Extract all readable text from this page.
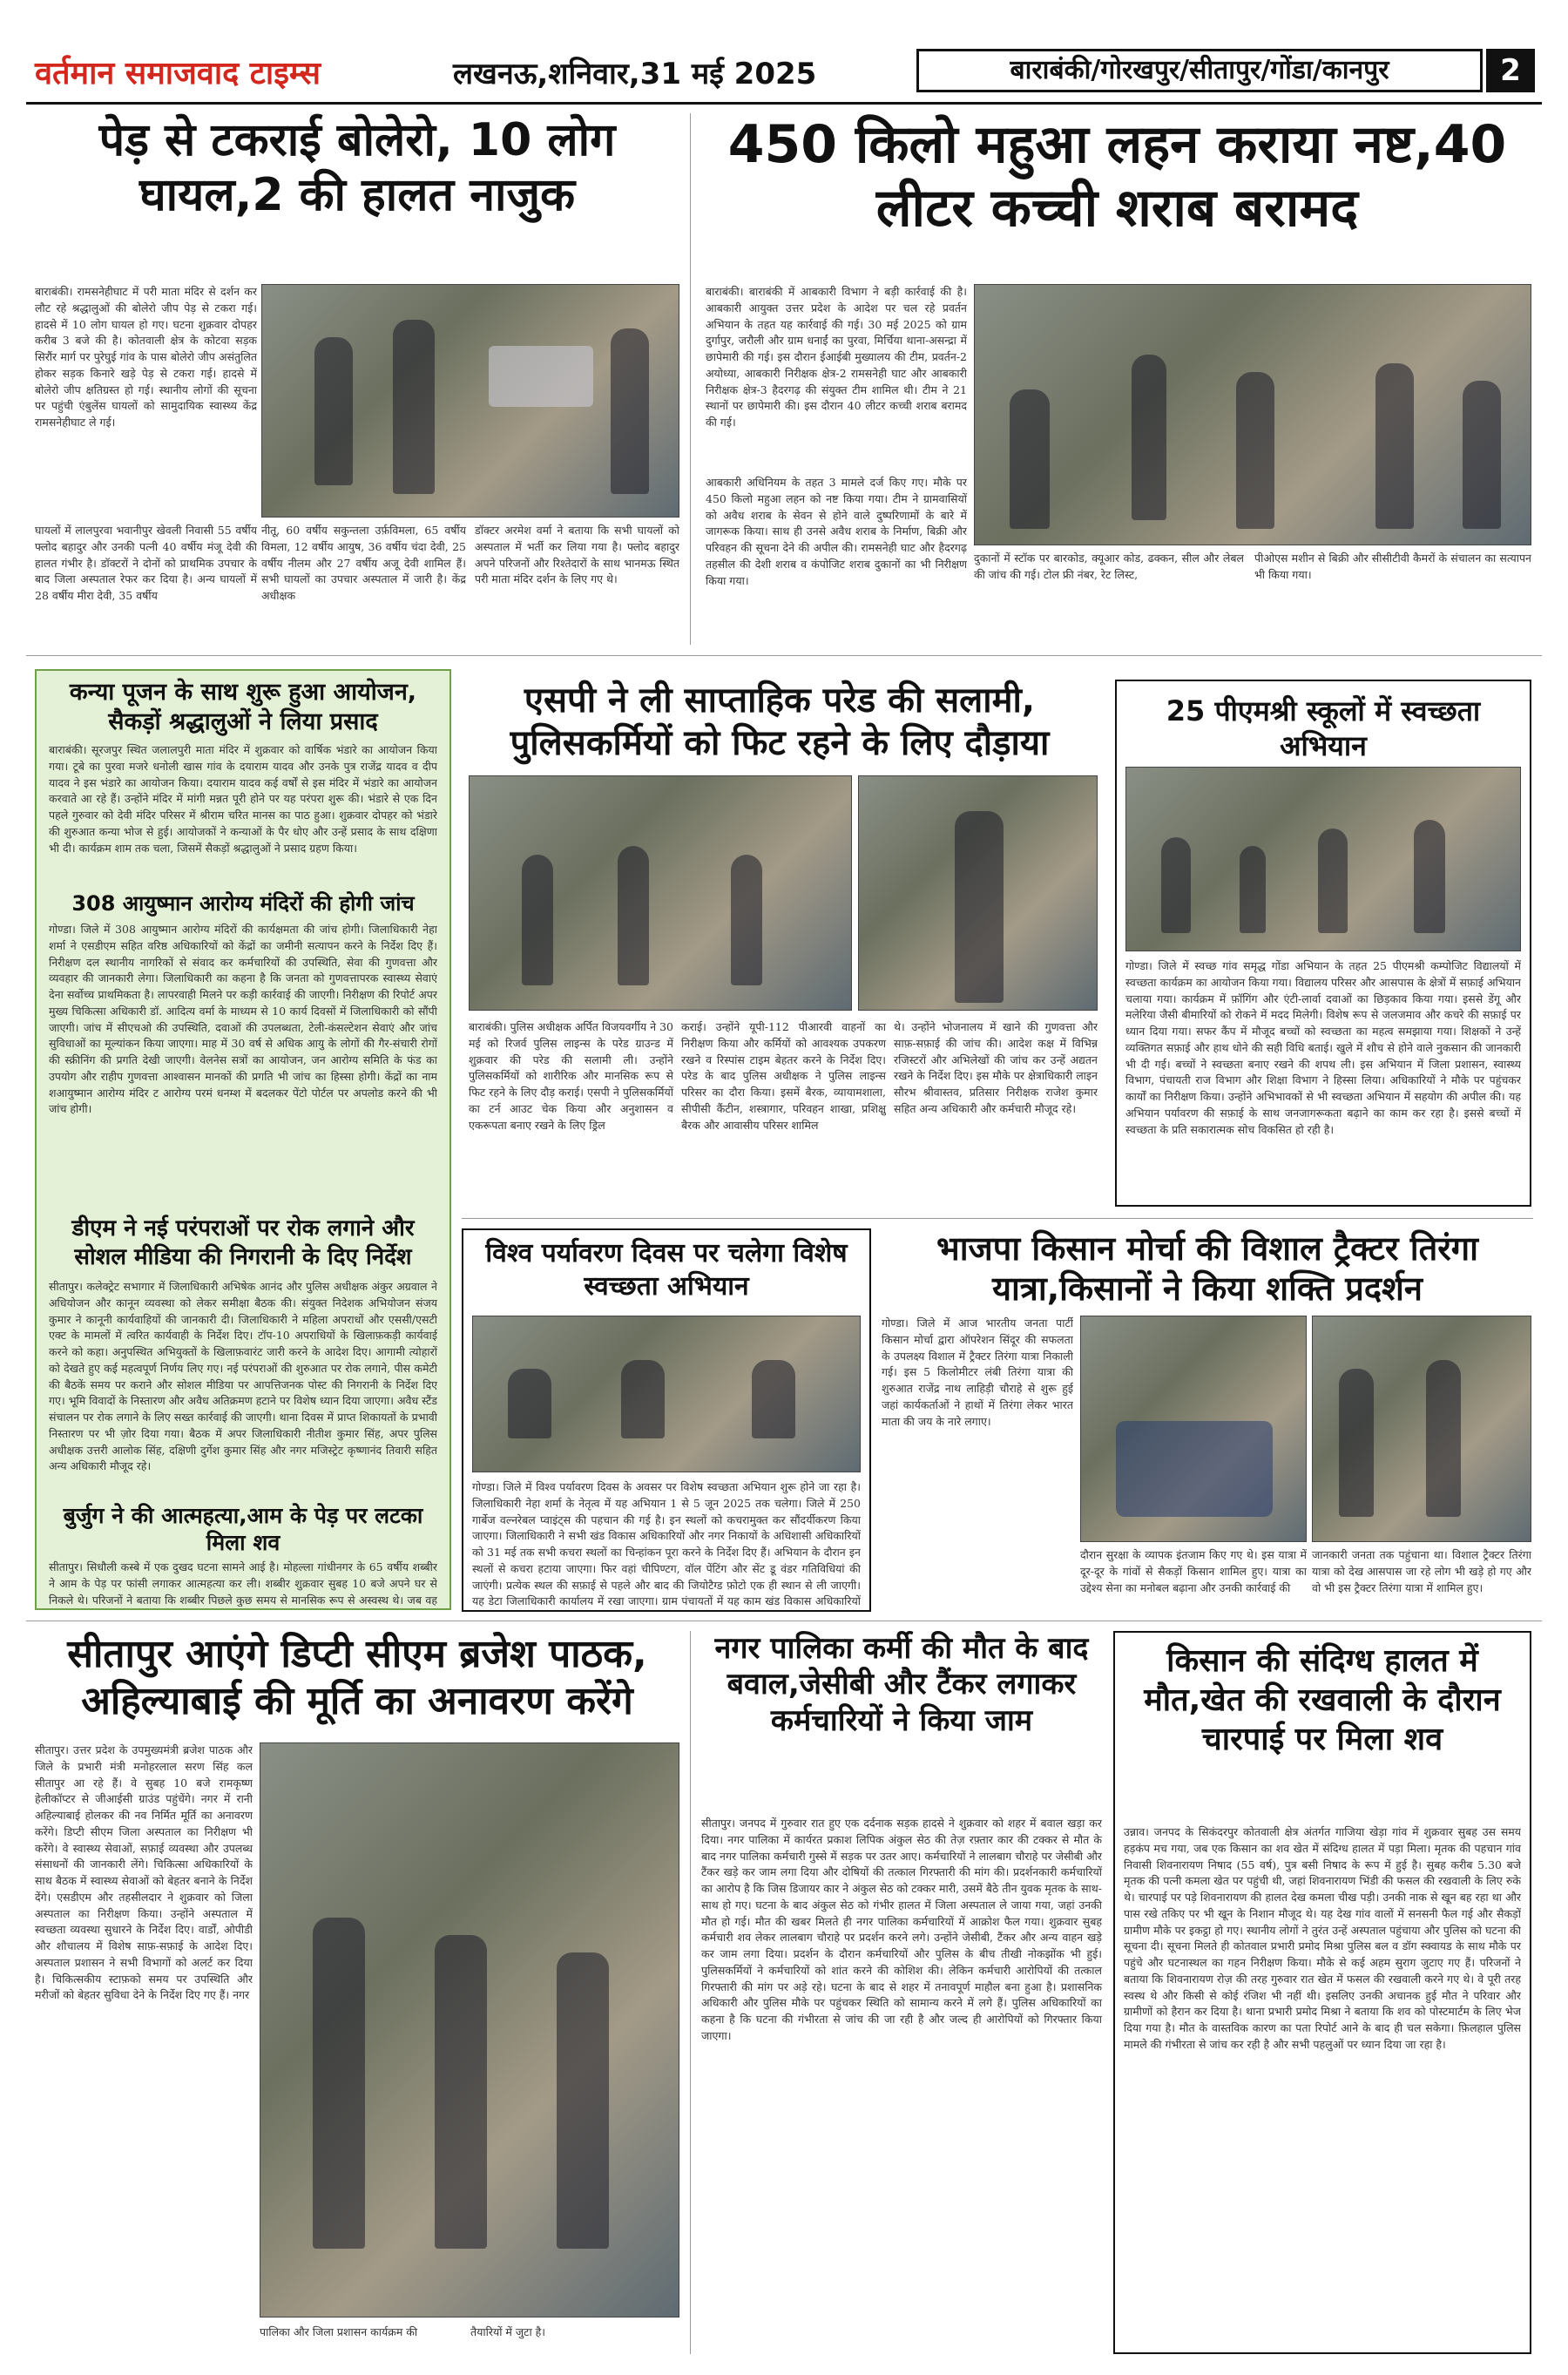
वर्तमान समाजवाद टाइम्स	लखनऊ,शनिवार,31 मई 2025	बाराबंकी/गोरखपुर/सीतापुर/गोंडा/कानपुर	2
पेड़ से टकराई बोलेरो, 10 लोग घायल,2 की हालत नाजुक
बाराबंकी। रामसनेहीघाट में परी माता मंदिर से दर्शन कर लौट रहे श्रद्धालुओं की बोलेरो जीप पेड़ से टकरा गई। हादसे में 10 लोग घायल हो गए। घटना शुक्रवार दोपहर करीब 3 बजे की है। कोतवाली क्षेत्र के कोटवा सड़क सिरौंर मार्ग पर पुरेघुई गांव के पास बोलेरो जीप असंतुलित होकर सड़क किनारे खड़े पेड़ से टकरा गई। हादसे में बोलेरो जीप क्षतिग्रस्त हो गई। स्थानीय लोगों की सूचना पर पहुंची एंबुलेंस घायलों को सामुदायिक स्वास्थ्य केंद्र रामसनेहीघाट ले गई।
घायलों में लालपुरवा भवानीपुर खेवली निवासी 55 वर्षीय फ्लोद बहादुर और उनकी पत्नी 40 वर्षीय मंजू देवी की हालत गंभीर है। डॉक्टरों ने दोनों को प्राथमिक उपचार के बाद जिला अस्पताल रेफर कर दिया है। अन्य घायलों में 28 वर्षीय मीरा देवी, 35 वर्षीय
नीतू, 60 वर्षीय सकुन्तला उर्फ़विमला, 65 वर्षीय विमला, 12 वर्षीय आयुष, 36 वर्षीय चंदा देवी, 25 वर्षीय नीलम और 27 वर्षीय अजू देवी शामिल हैं। सभी घायलों का उपचार अस्पताल में जारी है। केंद्र अधीक्षक
डॉक्टर अरमेश वर्मा ने बताया कि सभी घायलों को अस्पताल में भर्ती कर लिया गया है। फ्लोद बहादुर अपने परिजनों और रिश्तेदारों के साथ भानमऊ स्थित परी माता मंदिर दर्शन के लिए गए थे।
450 किलो महुआ लहन कराया नष्ट,40 लीटर कच्ची शराब बरामद
बाराबंकी। बाराबंकी में आबकारी विभाग ने बड़ी कार्रवाई की है। आबकारी आयुक्त उत्तर प्रदेश के आदेश पर चल रहे प्रवर्तन अभियान के तहत यह कार्रवाई की गई। 30 मई 2025 को ग्राम दुर्गापुर, जरौली और ग्राम धनाईं का पुरवा, मिर्चिया थाना-असन्द्रा में छापेमारी की गई। इस दौरान ईआईबी मुख्यालय की टीम, प्रवर्तन-2 अयोध्या, आबकारी निरीक्षक क्षेत्र-2 रामसनेही घाट और आबकारी निरीक्षक क्षेत्र-3 हैदरगढ़ की संयुक्त टीम शामिल थी। टीम ने 21 स्थानों पर छापेमारी की। इस दौरान 40 लीटर कच्ची शराब बरामद की गई।
दुकानों में स्टॉक पर बारकोड, क्यूआर कोड, ढक्कन, सील और लेबल की जांच की गई। टोल फ्री नंबर, रेट लिस्ट,
पीओएस मशीन से बिक्री और सीसीटीवी कैमरों के संचालन का सत्यापन भी किया गया।
कन्या पूजन के साथ शुरू हुआ आयोजन, सैकड़ों श्रद्धालुओं ने लिया प्रसाद
बाराबंकी। सूरजपुर स्थित जलालपुरी माता मंदिर में शुक्रवार को वार्षिक भंडारे का आयोजन किया गया। टूबे का पुरवा मजरे धनोली खास गांव के दयाराम यादव और उनके पुत्र राजेंद्र यादव व दीप यादव ने इस भंडारे का आयोजन किया। दयाराम यादव कई वर्षों से इस मंदिर में भंडारे का आयोजन करवाते आ रहे हैं। उन्होंने मंदिर में मांगी मन्नत पूरी होने पर यह परंपरा शुरू की। भंडारे से एक दिन पहले गुरुवार को देवी मंदिर परिसर में श्रीराम चरित मानस का पाठ हुआ। शुक्रवार दोपहर को भंडारे की शुरुआत कन्या भोज से हुई। आयोजकों ने कन्याओं के पैर धोए और उन्हें प्रसाद के साथ दक्षिणा भी दी। कार्यक्रम शाम तक चला, जिसमें सैकड़ों श्रद्धालुओं ने प्रसाद ग्रहण किया।
308 आयुष्मान आरोग्य मंदिरों की होगी जांच
गोण्डा। जिले में 308 आयुष्मान आरोग्य मंदिरों की कार्यक्षमता की जांच होगी। जिलाधिकारी नेहा शर्मा ने एसडीएम सहित वरिष्ठ अधिकारियों को केंद्रों का जमीनी सत्यापन करने के निर्देश दिए हैं। निरीक्षण दल स्थानीय नागरिकों से संवाद कर कर्मचारियों की उपस्थिति, सेवा की गुणवत्ता और व्यवहार की जानकारी लेगा। जिलाधिकारी का कहना है कि जनता को गुणवत्तापरक स्वास्थ्य सेवाएं देना सर्वोच्च प्राथमिकता है। लापरवाही मिलने पर कड़ी कार्रवाई की जाएगी। निरीक्षण की रिपोर्ट अपर मुख्य चिकित्सा अधिकारी डॉ. आदित्य वर्मा के माध्यम से 10 कार्य दिवसों में जिलाधिकारी को सौंपी जाएगी। जांच में सीएचओ की उपस्थिति, दवाओं की उपलब्धता, टेली-कंसल्टेशन सेवाएं और जांच सुविधाओं का मूल्यांकन किया जाएगा। माह में 30 वर्ष से अधिक आयु के लोगों की गैर-संचारी रोगों की स्क्रीनिंग की प्रगति देखी जाएगी। वेलनेस सत्रों का आयोजन, जन आरोग्य समिति के फंड का उपयोग और राहीप गुणवत्ता आश्वासन मानकों की प्रगति भी जांच का हिस्सा होगी। केंद्रों का नाम शआयुष्मान आरोग्य मंदिर ट आरोग्य परमं धनम्श में बदलकर पेंटो पोर्टल पर अपलोड करने की भी जांच होगी।
डीएम ने नई परंपराओं पर रोक लगाने और सोशल मीडिया की निगरानी के दिए निर्देश
सीतापुर। कलेक्ट्रेट सभागार में जिलाधिकारी अभिषेक आनंद और पुलिस अधीक्षक अंकुर अग्रवाल ने अधियोजन और कानून व्यवस्था को लेकर समीक्षा बैठक की। संयुक्त निदेशक अभियोजन संजय कुमार ने कानूनी कार्यवाहियों की जानकारी दी। जिलाधिकारी ने महिला अपराधों और एससी/एसटी एक्ट के मामलों में त्वरित कार्यवाही के निर्देश दिए। टॉप-10 अपराधियों के खिलाफ़कड़ी कार्यवाई करने को कहा। अनुपस्थित अभियुक्तों के खिलाफ़वारंट जारी करने के आदेश दिए। आगामी त्योहारों को देखते हुए कई महत्वपूर्ण निर्णय लिए गए। नई परंपराओं की शुरुआत पर रोक लगाने, पीस कमेटी की बैठकें समय पर कराने और सोशल मीडिया पर आपत्तिजनक पोस्ट की निगरानी के निर्देश दिए गए। भूमि विवादों के निस्तारण और अवैध अतिक्रमण हटाने पर विशेष ध्यान दिया जाएगा। अवैध स्टैंड संचालन पर रोक लगाने के लिए सख्त कार्रवाई की जाएगी। थाना दिवस में प्राप्त शिकायतों के प्रभावी निस्तारण पर भी ज़ोर दिया गया। बैठक में अपर जिलाधिकारी नीतीश कुमार सिंह, अपर पुलिस अधीक्षक उत्तरी आलोक सिंह, दक्षिणी दुर्गेश कुमार सिंह और नगर मजिस्ट्रेट कृष्णानंद तिवारी सहित अन्य अधिकारी मौजूद रहे।
बुर्जुग ने की आत्महत्या,आम के पेड़ पर लटका मिला शव
सीतापुर। सिधौली कस्बे में एक दुखद घटना सामने आई है। मोहल्ला गांधीनगर के 65 वर्षीय शब्बीर ने आम के पेड़ पर फांसी लगाकर आत्महत्या कर ली। शब्बीर शुक्रवार सुबह 10 बजे अपने घर से निकले थे। परिजनों ने बताया कि शब्बीर पिछले कुछ समय से मानसिक रूप से अस्वस्थ थे। जब वह
एसपी ने ली साप्ताहिक परेड की सलामी, पुलिसकर्मियों को फिट रहने के लिए दौड़ाया
बाराबंकी। पुलिस अधीक्षक अर्पित विजयवर्गीय ने 30 मई को रिजर्व पुलिस लाइन्स के परेड ग्राउन्ड में शुक्रवार की परेड की सलामी ली। उन्होंने पुलिसकर्मियों को शारीरिक और मानसिक रूप से फिट रहने के लिए दौड़ कराई। एसपी ने पुलिसकर्मियों का टर्न आउट चेक किया और अनुशासन व एकरूपता बनाए रखने के लिए ड्रिल
कराई। उन्होंने यूपी-112 पीआरवी वाहनों का निरीक्षण किया और कर्मियों को आवश्यक उपकरण रखने व रिस्पांस टाइम बेहतर करने के निर्देश दिए। परेड के बाद पुलिस अधीक्षक ने पुलिस लाइन्स परिसर का दौरा किया। इसमें बैरक, व्यायामशाला, सीपीसी कैंटीन, शस्त्रागार, परिवहन शाखा, प्रशिक्षु बैरक और आवासीय परिसर शामिल
थे। उन्होंने भोजनालय में खाने की गुणवत्ता और साफ़-सफ़ाई की जांच की। आदेश कक्ष में विभिन्न रजिस्टरों और अभिलेखों की जांच कर उन्हें अद्यतन रखने के निर्देश दिए। इस मौके पर क्षेत्राधिकारी लाइन सौरभ श्रीवास्तव, प्रतिसार निरीक्षक राजेश कुमार सहित अन्य अधिकारी और कर्मचारी मौजूद रहे।
25 पीएमश्री स्कूलों में स्वच्छता अभियान
गोण्डा। जिले में स्वच्छ गांव समृद्ध गोंडा अभियान के तहत 25 पीएमश्री कम्पोजिट विद्यालयों में स्वच्छता कार्यक्रम का आयोजन किया गया। विद्यालय परिसर और आसपास के क्षेत्रों में सफ़ाई अभियान चलाया गया। कार्यक्रम में फ़ॉगिंग और एंटी-लार्वा दवाओं का छिड़काव किया गया। इससे डेंगू और मलेरिया जैसी बीमारियों को रोकने में मदद मिलेगी। विशेष रूप से जलजमाव और कचरे की सफ़ाई पर ध्यान दिया गया। सफर कैंप में मौजूद बच्चों को स्वच्छता का महत्व समझाया गया। शिक्षकों ने उन्हें व्यक्तिगत सफ़ाई और हाथ धोने की सही विधि बताई। खुले में शौच से होने वाले नुकसान की जानकारी भी दी गई। बच्चों ने स्वच्छता बनाए रखने की शपथ ली। इस अभियान में जिला प्रशासन, स्वास्थ्य विभाग, पंचायती राज विभाग और शिक्षा विभाग ने हिस्सा लिया। अधिकारियों ने मौके पर पहुंचकर कार्यों का निरीक्षण किया। उन्होंने अभिभावकों से भी स्वच्छता अभियान में सहयोग की अपील की। यह अभियान पर्यावरण की सफ़ाई के साथ जनजागरूकता बढ़ाने का काम कर रहा है। इससे बच्चों में स्वच्छता के प्रति सकारात्मक सोच विकसित हो रही है।
विश्व पर्यावरण दिवस पर चलेगा विशेष स्वच्छता अभियान
गोण्डा। जिले में विश्व पर्यावरण दिवस के अवसर पर विशेष स्वच्छता अभियान शुरू होने जा रहा है। जिलाधिकारी नेहा शर्मा के नेतृत्व में यह अभियान 1 से 5 जून 2025 तक चलेगा। जिले में 250 गार्बेज वल्नरेबल प्वाइंट्स की पहचान की गई है। इन स्थलों को कचरामुक्त कर सौंदर्यीकरण किया जाएगा। जिलाधिकारी ने सभी खंड विकास अधिकारियों और नगर निकायों के अधिशासी अधिकारियों को 31 मई तक सभी कचरा स्थलों का चिन्हांकन पूरा करने के निर्देश दिए हैं। अभियान के दौरान इन स्थलों से कचरा हटाया जाएगा। फिर वहां चीपिण्टग, वॉल पेंटिंग और सेंट डू वंडर गतिविधियां की जाएंगी। प्रत्येक स्थल की सफ़ाई से पहले और बाद की जियोटैग्ड फ़ोटो एक ही स्थान से ली जाएगी। यह डेटा जिलाधिकारी कार्यालय में रखा जाएगा। ग्राम पंचायतों में यह काम खंड विकास अधिकारियों
भाजपा किसान मोर्चा की विशाल ट्रैक्टर तिरंगा यात्रा,किसानों ने किया शक्ति प्रदर्शन
गोण्डा। जिले में आज भारतीय जनता पार्टी किसान मोर्चा द्वारा ऑपरेशन सिंदूर की सफलता के उपलक्ष्य विशाल में ट्रैक्टर तिरंगा यात्रा निकाली गई। इस 5 किलोमीटर लंबी तिरंगा यात्रा की शुरुआत राजेंद्र नाथ लाहिड़ी चौराहे से शुरू हुई जहां कार्यकर्ताओं ने हाथों में तिरंगा लेकर भारत माता की जय के नारे लगाए।
दौरान सुरक्षा के व्यापक इंतजाम किए गए थे। इस यात्रा में दूर-दूर के गांवों से सैकड़ों किसान शामिल हुए। यात्रा का उद्देश्य सेना का मनोबल बढ़ाना और उनकी कार्रवाई की
जानकारी जनता तक पहुंचाना था। विशाल ट्रैक्टर तिरंगा यात्रा को देख आसपास जा रहे लोग भी खड़े हो गए और वो भी इस ट्रैक्टर तिरंगा यात्रा में शामिल हुए।
सीतापुर आएंगे डिप्टी सीएम ब्रजेश पाठक, अहिल्याबाई की मूर्ति का अनावरण करेंगे
सीतापुर। उत्तर प्रदेश के उपमुख्यमंत्री ब्रजेश पाठक और जिले के प्रभारी मंत्री मनोहरलाल सरण सिंह कल सीतापुर आ रहे हैं। वे सुबह 10 बजे रामकृष्ण हेलीकॉप्टर से जीआईसी ग्राउंड पहुंचेंगे। नगर में रानी अहिल्याबाई होलकर की नव निर्मित मूर्ति का अनावरण करेंगे। डिप्टी सीएम जिला अस्पताल का निरीक्षण भी करेंगे। वे स्वास्थ्य सेवाओं, सफ़ाई व्यवस्था और उपलब्ध संसाधनों की जानकारी लेंगे। चिकित्सा अधिकारियों के साथ बैठक में स्वास्थ्य सेवाओं को बेहतर बनाने के निर्देश देंगे। एसडीएम और तहसीलदार ने शुक्रवार को जिला अस्पताल का निरीक्षण किया। उन्होंने अस्पताल में स्वच्छता व्यवस्था सुधारने के निर्देश दिए। वार्डों, ओपीडी और शौचालय में विशेष साफ़-सफ़ाई के आदेश दिए। अस्पताल प्रशासन ने सभी विभागों को अलर्ट कर दिया है। चिकित्सकीय स्टाफ़को समय पर उपस्थिति और मरीजों को बेहतर सुविधा देने के निर्देश दिए गए हैं। नगर
पालिका और जिला प्रशासन कार्यक्रम की	तैयारियों में जुटा है।
नगर पालिका कर्मी की मौत के बाद बवाल,जेसीबी और टैंकर लगाकर कर्मचारियों ने किया जाम
सीतापुर। जनपद में गुरुवार रात हुए एक दर्दनाक सड़क हादसे ने शुक्रवार को शहर में बवाल खड़ा कर दिया। नगर पालिका में कार्यरत प्रकाश लिपिक अंकुल सेठ की तेज़ रफ़्तार कार की टक्कर से मौत के बाद नगर पालिका कर्मचारी गुस्से में सड़क पर उतर आए। कर्मचारियों ने लालबाग चौराहे पर जेसीबी और टैंकर खड़े कर जाम लगा दिया और दोषियों की तत्काल गिरफ्तारी की मांग की। प्रदर्शनकारी कर्मचारियों का आरोप है कि जिस डिजायर कार ने अंकुल सेठ को टक्कर मारी, उसमें बैठे तीन युवक मृतक के साथ-साथ हो गए। घटना के बाद अंकुल सेठ को गंभीर हालत में जिला अस्पताल ले जाया गया, जहां उनकी मौत हो गई। मौत की खबर मिलते ही नगर पालिका कर्मचारियों में आक्रोश फैल गया। शुक्रवार सुबह कर्मचारी शव लेकर लालबाग चौराहे पर प्रदर्शन करने लगे। उन्होंने जेसीबी, टैंकर और अन्य वाहन खड़े कर जाम लगा दिया। प्रदर्शन के दौरान कर्मचारियों और पुलिस के बीच तीखी नोकझोंक भी हुई। पुलिसकर्मियों ने कर्मचारियों को शांत करने की कोशिश की। लेकिन कर्मचारी आरोपियों की तत्काल गिरफ्तारी की मांग पर अड़े रहे। घटना के बाद से शहर में तनावपूर्ण माहौल बना हुआ है। प्रशासनिक अधिकारी और पुलिस मौके पर पहुंचकर स्थिति को सामान्य करने में लगे हैं। पुलिस अधिकारियों का कहना है कि घटना की गंभीरता से जांच की जा रही है और जल्द ही आरोपियों को गिरफ्तार किया जाएगा।
किसान की संदिग्ध हालत में मौत,खेत की रखवाली के दौरान चारपाई पर मिला शव
उन्नाव। जनपद के सिकंदरपुर कोतवाली क्षेत्र अंतर्गत गाजिया खेड़ा गांव में शुक्रवार सुबह उस समय हड़कंप मच गया, जब एक किसान का शव खेत में संदिग्ध हालत में पड़ा मिला। मृतक की पहचान गांव निवासी शिवनारायण निषाद (55 वर्ष), पुत्र बसी निषाद के रूप में हुई है। सुबह करीब 5.30 बजे मृतक की पत्नी कमला खेत पर पहुंची थी, जहां शिवनारायण भिंडी की फसल की रखवाली के लिए रुके थे। चारपाई पर पड़े शिवनारायण की हालत देख कमला चीख पड़ी। उनकी नाक से खून बह रहा था और पास रखे तकिए पर भी खून के निशान मौजूद थे। यह देख गांव वालों में सनसनी फैल गई और सैकड़ों ग्रामीण मौके पर इकट्ठा हो गए। स्थानीय लोगों ने तुरंत उन्हें अस्पताल पहुंचाया और पुलिस को घटना की सूचना दी। सूचना मिलते ही कोतवाल प्रभारी प्रमोद मिश्रा पुलिस बल व डॉग स्क्वायड के साथ मौके पर पहुंचे और घटनास्थल का गहन निरीक्षण किया। मौके से कई अहम सुराग जुटाए गए हैं। परिजनों ने बताया कि शिवनारायण रोज़ की तरह गुरुवार रात खेत में फसल की रखवाली करने गए थे। वे पूरी तरह स्वस्थ थे और किसी से कोई रंजिश भी नहीं थी। इसलिए उनकी अचानक हुई मौत ने परिवार और ग्रामीणों को हैरान कर दिया है। थाना प्रभारी प्रमोद मिश्रा ने बताया कि शव को पोस्टमार्टम के लिए भेज दिया गया है। मौत के वास्तविक कारण का पता रिपोर्ट आने के बाद ही चल सकेगा। फ़िलहाल पुलिस मामले की गंभीरता से जांच कर रही है और सभी पहलुओं पर ध्यान दिया जा रहा है।
आबकारी अधिनियम के तहत 3 मामले दर्ज किए गए। मौके पर 450 किलो महुआ लहन को नष्ट किया गया। टीम ने ग्रामवासियों को अवैध शराब के सेवन से होने वाले दुष्परिणामों के बारे में जागरूक किया। साथ ही उनसे अवैध शराब के निर्माण, बिक्री और परिवहन की सूचना देने की अपील की। रामसनेही घाट और हैदरगढ़ तहसील की देशी शराब व कंपोजिट शराब दुकानों का भी निरीक्षण किया गया।
